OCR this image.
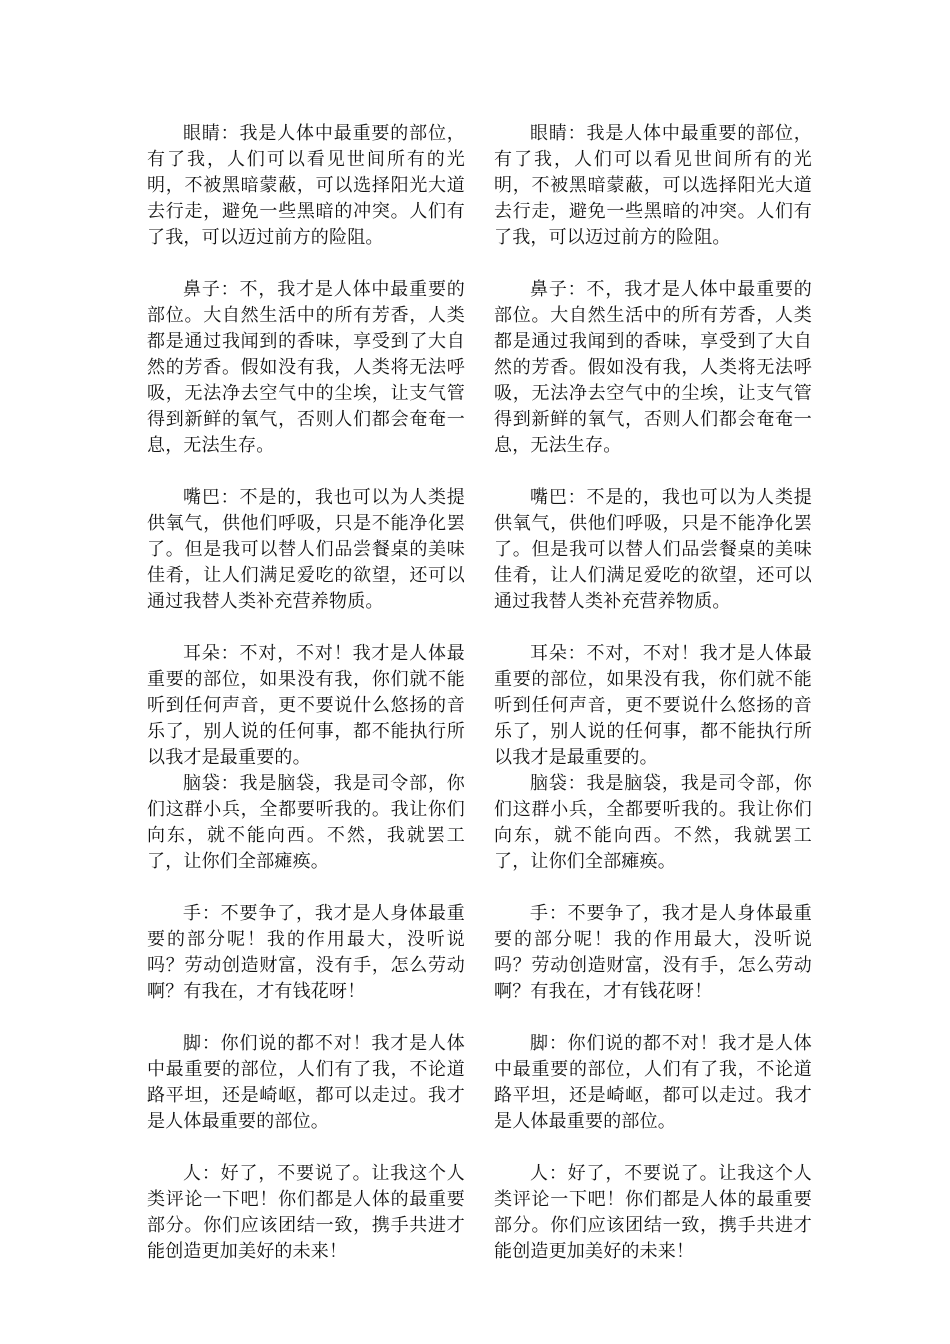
眼睛：我是人体中最重要的部位，有了我，人们可以看见世间所有的光明，不被黑暗蒙蔽，可以选择阳光大道去行走，避免一些黑暗的冲突。人们有了我，可以迈过前方的险阻。

鼻子：不，我才是人体中最重要的部位。大自然生活中的所有芳香，人类都是通过我闻到的香味，享受到了大自然的芳香。假如没有我，人类将无法呼吸，无法净去空气中的尘埃，让支气管得到新鲜的氧气，否则人们都会奄奄一息，无法生存。

嘴巴：不是的，我也可以为人类提供氧气，供他们呼吸，只是不能净化罢了。但是我可以替人们品尝餐桌的美味佳肴，让人们满足爱吃的欲望，还可以通过我替人类补充营养物质。

耳朵：不对，不对！我才是人体最重要的部位，如果没有我，你们就不能听到任何声音，更不要说什么悠扬的音乐了，别人说的任何事，都不能执行所以我才是最重要的。

脑袋：我是脑袋，我是司令部，你们这群小兵，全都要听我的。我让你们向东，就不能向西。不然，我就罢工了，让你们全部瘫痪。

手：不要争了，我才是人身体最重要的部分呢！我的作用最大，没听说吗？劳动创造财富，没有手，怎么劳动啊？有我在，才有钱花呀！

脚：你们说的都不对！我才是人体中最重要的部位，人们有了我，不论道路平坦，还是崎岖，都可以走过。我才是人体最重要的部位。

人：好了，不要说了。让我这个人类评论一下吧！你们都是人体的最重要部分。你们应该团结一致，携手共进才能创造更加美好的未来！

眼睛：我是人体中最重要的部位，有了我，人们可以看见世间所有的光明，不被黑暗蒙蔽，可以选择阳光大道去行走，避免一些黑暗的冲突。人们有了我，可以迈过前方的险阻。

鼻子：不，我才是人体中最重要的部位。大自然生活中的所有芳香，人类都是通过我闻到的香味，享受到了大自然的芳香。假如没有我，人类将无法呼吸，无法净去空气中的尘埃，让支气管得到新鲜的氧气，否则人们都会奄奄一息，无法生存。

嘴巴：不是的，我也可以为人类提供氧气，供他们呼吸，只是不能净化罢了。但是我可以替人们品尝餐桌的美味佳肴，让人们满足爱吃的欲望，还可以通过我替人类补充营养物质。

耳朵：不对，不对！我才是人体最重要的部位，如果没有我，你们就不能听到任何声音，更不要说什么悠扬的音乐了，别人说的任何事，都不能执行所以我才是最重要的。

脑袋：我是脑袋，我是司令部，你们这群小兵，全都要听我的。我让你们向东，就不能向西。不然，我就罢工了，让你们全部瘫痪。

手：不要争了，我才是人身体最重要的部分呢！我的作用最大，没听说吗？劳动创造财富，没有手，怎么劳动啊？有我在，才有钱花呀！

脚：你们说的都不对！我才是人体中最重要的部位，人们有了我，不论道路平坦，还是崎岖，都可以走过。我才是人体最重要的部位。

人：好了，不要说了。让我这个人类评论一下吧！你们都是人体的最重要部分。你们应该团结一致，携手共进才能创造更加美好的未来！
